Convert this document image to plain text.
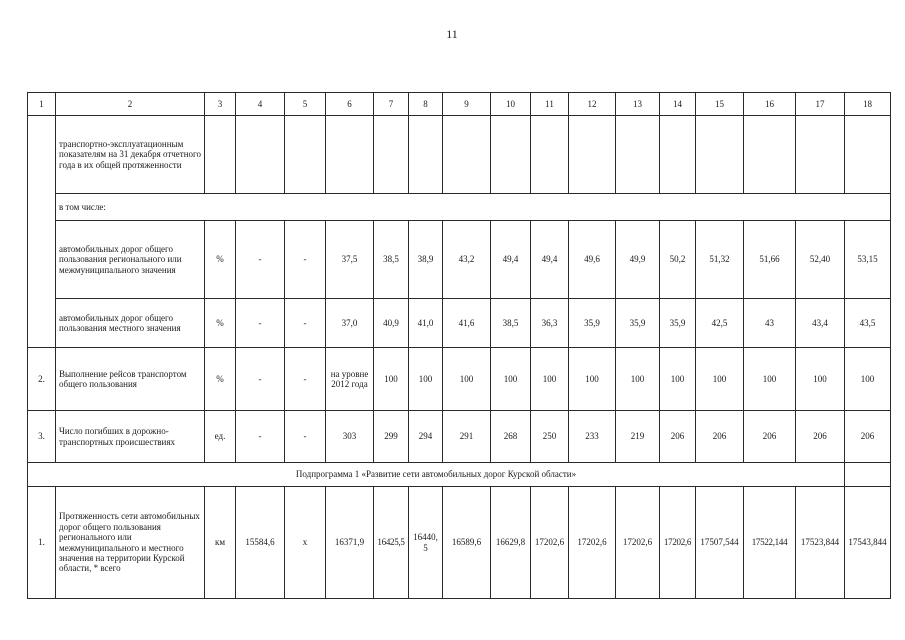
11
1	2	3	4	5	6	7	8	9	10	11	12	13	14	15	16	17	18	
	транспортно-эксплуатационным показателям на 31 декабря отчетного года в их общей протяженности																	
	в том числе:																	
	автомобильных дорог общего пользования регионального или межмуниципального значения	%	-	-	37,5	38,5	38,9	43,2	49,4	49,4	49,6	49,9	50,2	51,32	51,66	52,40	53,15	
	автомобильных дорог общего пользования местного значения	%	-	-	37,0	40,9	41,0	41,6	38,5	36,3	35,9	35,9	35,9	42,5	43	43,4	43,5	
2.	Выполнение рейсов транспортом общего пользования	%	-	-	на уровне 2012 года	100	100	100	100	100	100	100	100	100	100	100	100	
3.	Число погибших в дорожно-транспортных происшествиях	ед.	-	-	303	299	294	291	268	250	233	219	206	206	206	206	206	
Подпрограмма 1 «Развитие сети автомобильных дорог Курской области»																		
1.	Протяженность сети автомобильных дорог общего пользования регионального или межмуниципального и местного значения на территории Курской области, * всего	км	15584,6	х	16371,9	16425,5	16440,5	16589,6	16629,8	17202,6	17202,6	17202,6	17202,6	17507,544	17522,144	17523,844	17543,844	
